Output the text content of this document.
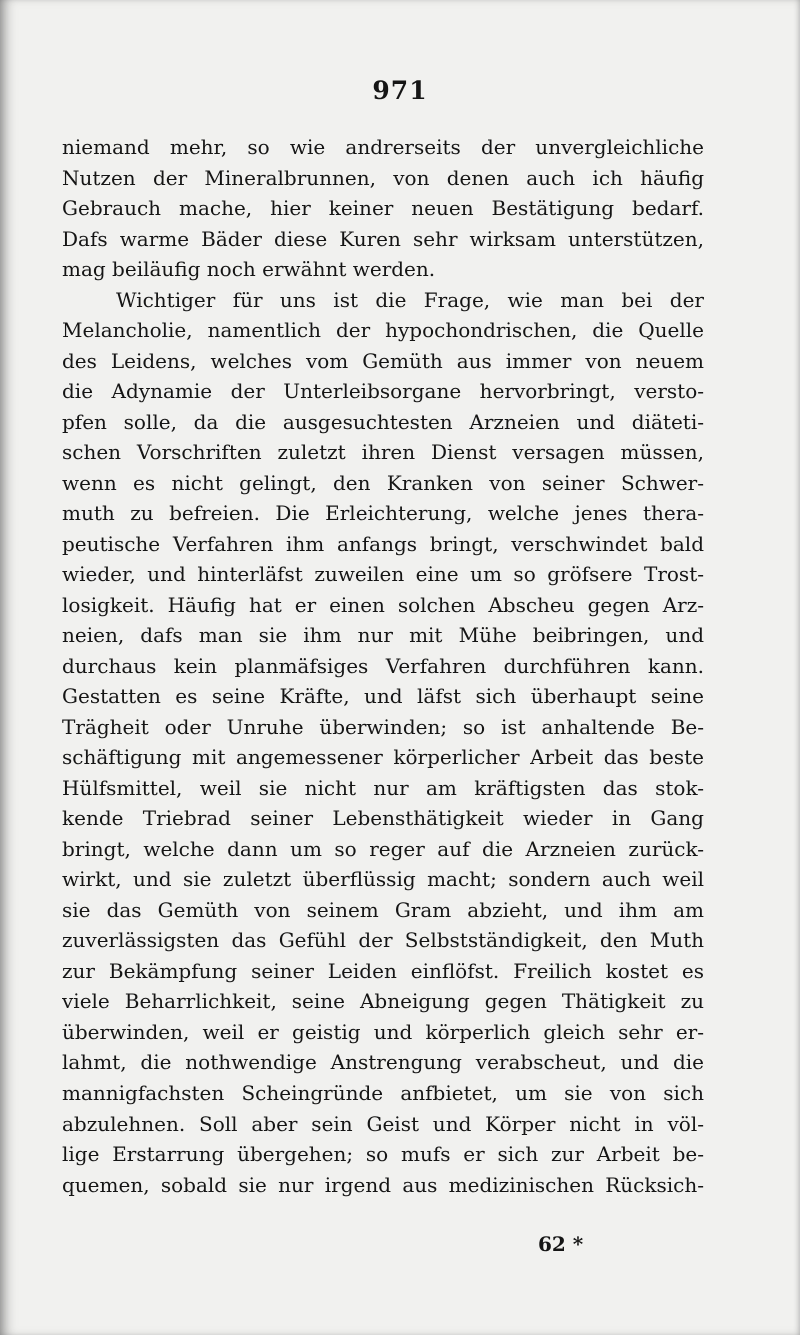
971
niemand mehr, so wie andrerseits der unvergleichliche
Nutzen der Mineralbrunnen, von denen auch ich häufig
Gebrauch mache, hier keiner neuen Bestätigung bedarf.
Dafs warme Bäder diese Kuren sehr wirksam unterstützen,
mag beiläufig noch erwähnt werden.
Wichtiger für uns ist die Frage, wie man bei der
Melancholie, namentlich der hypochondrischen, die Quelle
des Leidens, welches vom Gemüth aus immer von neuem
die Adynamie der Unterleibsorgane hervorbringt, versto-
pfen solle, da die ausgesuchtesten Arzneien und diäteti-
schen Vorschriften zuletzt ihren Dienst versagen müssen,
wenn es nicht gelingt, den Kranken von seiner Schwer-
muth zu befreien. Die Erleichterung, welche jenes thera-
peutische Verfahren ihm anfangs bringt, verschwindet bald
wieder, und hinterläfst zuweilen eine um so gröfsere Trost-
losigkeit. Häufig hat er einen solchen Abscheu gegen Arz-
neien, dafs man sie ihm nur mit Mühe beibringen, und
durchaus kein planmäfsiges Verfahren durchführen kann.
Gestatten es seine Kräfte, und läfst sich überhaupt seine
Trägheit oder Unruhe überwinden; so ist anhaltende Be-
schäftigung mit angemessener körperlicher Arbeit das beste
Hülfsmittel, weil sie nicht nur am kräftigsten das stok-
kende Triebrad seiner Lebensthätigkeit wieder in Gang
bringt, welche dann um so reger auf die Arzneien zurück-
wirkt, und sie zuletzt überflüssig macht; sondern auch weil
sie das Gemüth von seinem Gram abzieht, und ihm am
zuverlässigsten das Gefühl der Selbstständigkeit, den Muth
zur Bekämpfung seiner Leiden einflöfst. Freilich kostet es
viele Beharrlichkeit, seine Abneigung gegen Thätigkeit zu
überwinden, weil er geistig und körperlich gleich sehr er-
lahmt, die nothwendige Anstrengung verabscheut, und die
mannigfachsten Scheingründe anfbietet, um sie von sich
abzulehnen. Soll aber sein Geist und Körper nicht in völ-
lige Erstarrung übergehen; so mufs er sich zur Arbeit be-
quemen, sobald sie nur irgend aus medizinischen Rücksich-
62 *
